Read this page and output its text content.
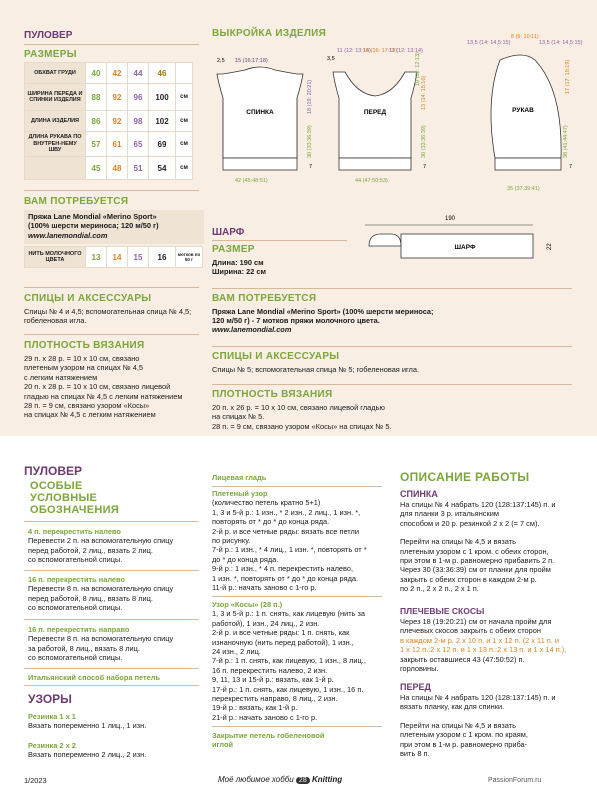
ПУЛОВЕР
РАЗМЕРЫ
ОБХВАТ ГРУДИ	40	42	44	46	
ШИРИНА ПЕРЕДА И СПИНКИ ИЗДЕЛИЯ	88	92	96	100	см
ДЛИНА ИЗДЕЛИЯ	86	92	98	102	см
ДЛИНА РУКАВА ПО ВНУТРЕН-НЕМУ ШВУ	57	61	65	69	см
	45	48	51	54	см
ВАМ ПОТРЕБУЕТСЯ
Пряжа Lane Mondial «Merino Sport»
(100% шерсти мериноса; 120 м/50 г)
www.lanemondial.com
НИТЬ МОЛОЧНОГО ЦВЕТА	13	14	15	16	мотков по 50 г
СПИЦЫ И АКСЕССУАРЫ
Спицы № 4 и 4,5; вспомогательная спица № 4,5; гобеленовая игла.
ПЛОТНОСТЬ ВЯЗАНИЯ
29 п. x 28 р. = 10 x 10 см, связано
плетеным узором на спицах № 4,5
с легким натяжением
20 п. x 28 р. = 10 x 10 см, связано лицевой
гладью на спицах № 4,5 с легким натяжением
28 п. = 9 см, связано узором «Косы»
на спицах № 4,5 с легким натяжением
ВЫКРОЙКА ИЗДЕЛИЯ
СПИНКА
2,5 15 (16:17:18)
18 (19: 20:21)
30 (33:36:39)
7
42 (45:48:51)
ПЕРЕД
3,5
11 (12: 13:14)
15 (16: 17:18)
11 (12: 13:14)
10 (11: 12:13)
13 (14: 15:16)
30 (33:36:39)
7
44 (47:50:53)
РУКАВ
13,5 (14: 14,5:15)
8 (9: 10:11)
13,5 (14: 14,5:15)
17 (17: 18:19)
38 (41:44:47)
7
35 (37:39:41)
ШАРФ
РАЗМЕР
Длина: 190 см
Ширина: 22 см
190
ШАРФ	22
ВАМ ПОТРЕБУЕТСЯ
Пряжа Lane Mondial «Merino Sport» (100% шерсти мериноса;
120 м/50 г) - 7 мотков пряжи молочного цвета.
www.lanemondial.com
СПИЦЫ И АКСЕССУАРЫ
Спицы № 5; вспомогательная спица № 5; гобеленовая игла.
ПЛОТНОСТЬ ВЯЗАНИЯ
20 п. x 26 р. = 10 x 10 см, связано лицевой гладью
на спицах № 5.
28 п. = 9 см, связано узором «Косы» на спицах № 5.
ПУЛОВЕР
ОСОБЫЕ
УСЛОВНЫЕ
ОБОЗНАЧЕНИЯ
4 п. перекрестить налево
Перевести 2 п. на вспомогательную спицу
перед работой, 2 лиц., вязать 2 лиц.
со вспомогательной спицы.
16 п. перекрестить налево
Перевести 8 п. на вспомогательную спицу
перед работой, 8 лиц., вязать 8 лиц.
со вспомогательной спицы.
16 п. перекрестить направо
Перевести 8 п. на вспомогательную спицу
за работой, 8 лиц., вязать 8 лиц.
со вспомогательной спицы.
Итальянский способ набора петель
УЗОРЫ
Резинка 1 x 1
Вязать попеременно 1 лиц., 1 изн.
Резинка 2 x 2
Вязать попеременно 2 лиц., 2 изн.
1/2023
Лицевая гладь
Плетеный узор
(количество петель кратно 5+1)
1, 3 и 5-й р.: 1 изн., * 2 изн., 2 лиц., 1 изн. *,
повторять от * до * до конца ряда.
2-й р. и все четные ряды: вязать все петли
по рисунку.
7-й р.: 1 изн., * 4 лиц., 1 изн. *, повторять от *
до * до конца ряда.
9-й р.: 1 изн., * 4 п. перекрестить налево,
1 изн. *, повторять от * до * до конца ряда.
11-й р.: начать заново с 1-го р.
Узор «Косы» (28 п.)
1, 3 и 5-й р.: 1 п. снять, как лицевую (нить за
работой), 1 изн., 24 лиц., 2 изн.
2-й р. и все четные ряды: 1 п. снять, как
изнаночную (нить перед работой), 1 изн.,
24 изн., 2 лиц.
7-й р.: 1 п. снять, как лицевую, 1 изн., 8 лиц.,
16 п. перекрестить налево, 2 изн.
9, 11, 13 и 15-й р.: вязать, как 1-й р.
17-й р.: 1 п. снять, как лицевую, 1 изн., 16 п.
перекрестить направо, 8 лиц., 2 изн.
19-й р.: вязать, как 1-й р.
21-й р.: начать заново с 1-го р.
Закрытие петель гобеленовой
иглой
Моё любимое хобби 28 Knitting
ОПИСАНИЕ РАБОТЫ
СПИНКА
На спицы № 4 набрать 120 (128:137:145) п. и
для планки 3 р. итальянским
способом и 20 р. резинкой 2 x 2 (= 7 см).
Перейти на спицы № 4,5 и вязать
плетеным узором с 1 кром. с обеих сторон,
при этом в 1-м р. равномерно прибавить 2 п.
Через 30 (33:36:39) см от планки для пройм
закрыть с обеих сторон в каждом 2-м р.
по 2 п., 2 x 2 п., 2 x 1 п.
ПЛЕЧЕВЫЕ СКОСЫ
Через 18 (19:20:21) см от начала пройм для
плечевых скосов закрыть с обеих сторон
в каждом 2-м р. 2 x 10 п. и 1 x 12 п. (2 x 11 п. и
1 x 12 п.:2 x 12 п. и 1 x 13 п.:2 x 13 п. и 1 x 14 п.),
закрыть оставшиеся 43 (47:50:52) п.
горловины.
ПЕРЕД
На спицы № 4 набрать 120 (128:137:145) п. и
вязать планку, как для спинки.
Перейти на спицы № 4,5 и вязать
плетеным узором с 1 кром. по краям,
при этом в 1-м р. равномерно приба-
вить 8 п.
PassionForum.ru
